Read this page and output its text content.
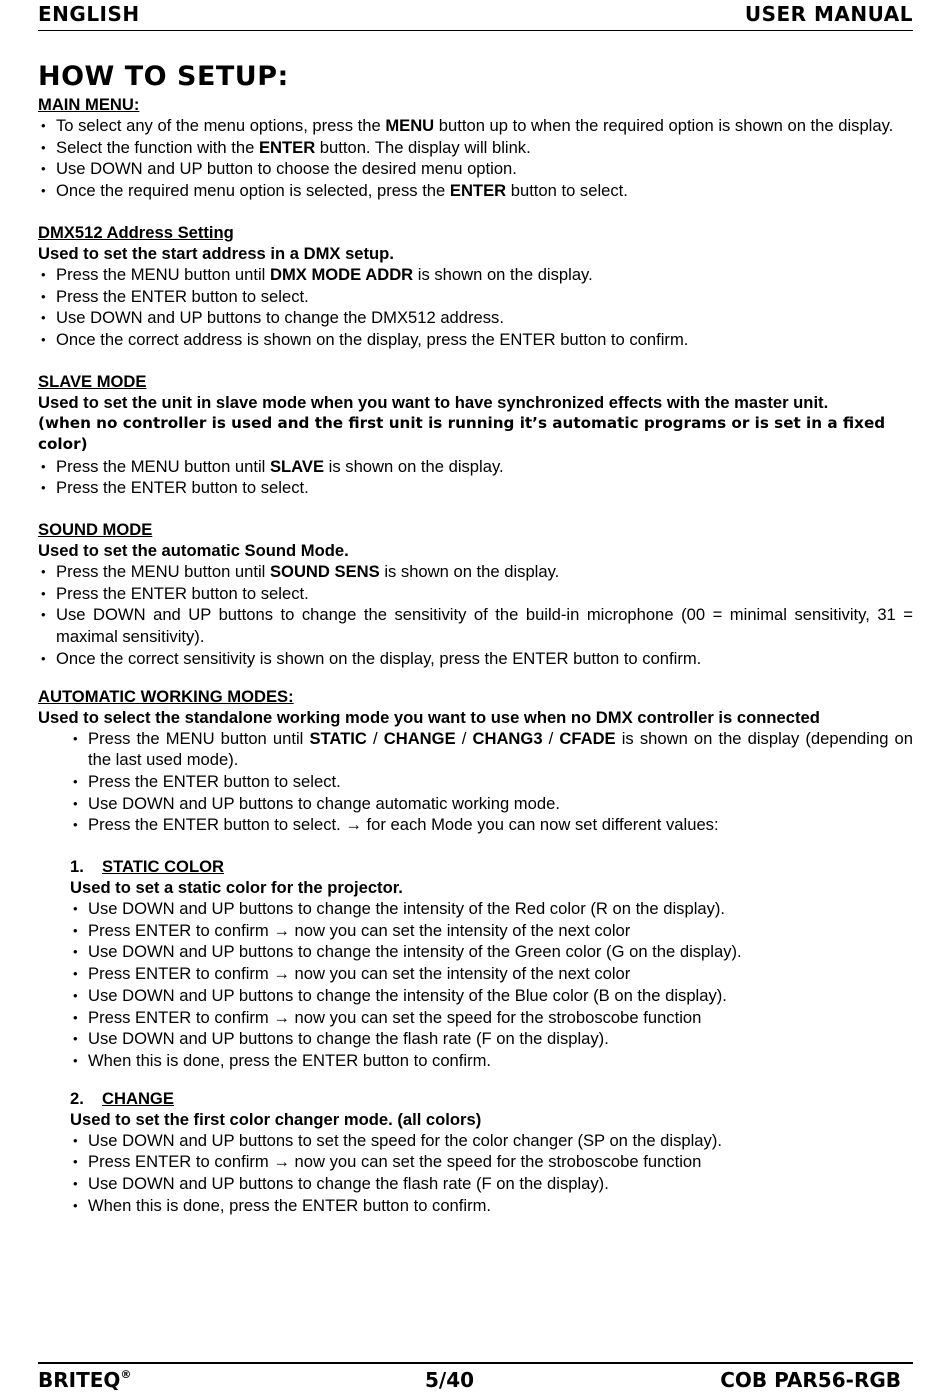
ENGLISH	USER MANUAL
HOW TO SETUP:
MAIN MENU:
• To select any of the menu options, press the MENU button up to when the required option is shown on the display.
• Select the function with the ENTER button. The display will blink.
• Use DOWN and UP button to choose the desired menu option.
• Once the required menu option is selected, press the ENTER button to select.
DMX512 Address Setting
Used to set the start address in a DMX setup.
• Press the MENU button until DMX MODE ADDR is shown on the display.
• Press the ENTER button to select.
• Use DOWN and UP buttons to change the DMX512 address.
• Once the correct address is shown on the display, press the ENTER button to confirm.
SLAVE MODE
Used to set the unit in slave mode when you want to have synchronized effects with the master unit.
(when no controller is used and the first unit is running it’s automatic programs or is set in a fixed color)
• Press the MENU button until SLAVE is shown on the display.
• Press the ENTER button to select.
SOUND MODE
Used to set the automatic Sound Mode.
• Press the MENU button until SOUND SENS is shown on the display.
• Press the ENTER button to select.
• Use DOWN and UP buttons to change the sensitivity of the build-in microphone (00 = minimal sensitivity, 31 = maximal sensitivity).
• Once the correct sensitivity is shown on the display, press the ENTER button to confirm.
AUTOMATIC WORKING MODES:
Used to select the standalone working mode you want to use when no DMX controller is connected
• Press the MENU button until STATIC / CHANGE / CHANG3 / CFADE is shown on the display (depending on the last used mode).
• Press the ENTER button to select.
• Use DOWN and UP buttons to change automatic working mode.
• Press the ENTER button to select. → for each Mode you can now set different values:
1. STATIC COLOR
Used to set a static color for the projector.
• Use DOWN and UP buttons to change the intensity of the Red color (R on the display).
• Press ENTER to confirm → now you can set the intensity of the next color
• Use DOWN and UP buttons to change the intensity of the Green color (G on the display).
• Press ENTER to confirm → now you can set the intensity of the next color
• Use DOWN and UP buttons to change the intensity of the Blue color (B on the display).
• Press ENTER to confirm → now you can set the speed for the stroboscobe function
• Use DOWN and UP buttons to change the flash rate (F on the display).
• When this is done, press the ENTER button to confirm.
2. CHANGE
Used to set the first color changer mode. (all colors)
• Use DOWN and UP buttons to set the speed for the color changer (SP on the display).
• Press ENTER to confirm → now you can set the speed for the stroboscobe function
• Use DOWN and UP buttons to change the flash rate (F on the display).
• When this is done, press the ENTER button to confirm.
BRITEQ®	5/40	COB PAR56-RGB
